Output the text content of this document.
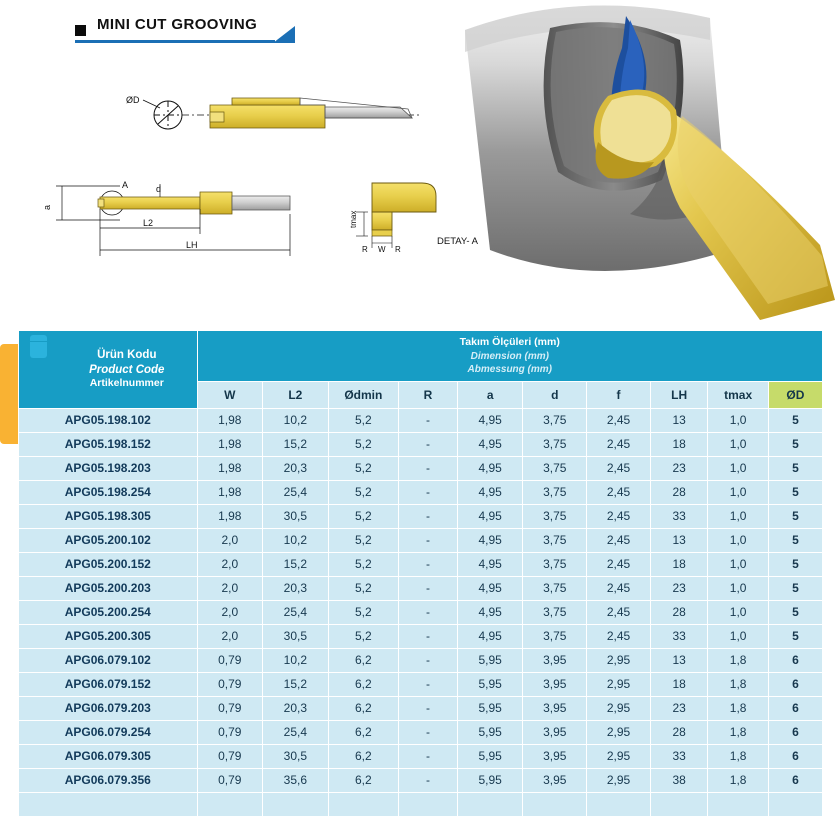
MINI CUT GROOVING
ØD
a
A	d
L2
LH
tmax
W
R	R
DETAY- A
Ürün Kodu
Product Code
Artikelnummer

Takım Ölçüleri (mm)
Dimension (mm)
Abmessung (mm)

	W	L2	Ødmin	R	a	d	f	LH	tmax	ØD
APG05.198.102	1,98	10,2	5,2	-	4,95	3,75	2,45	13	1,0	5
APG05.198.152	1,98	15,2	5,2	-	4,95	3,75	2,45	18	1,0	5
APG05.198.203	1,98	20,3	5,2	-	4,95	3,75	2,45	23	1,0	5
APG05.198.254	1,98	25,4	5,2	-	4,95	3,75	2,45	28	1,0	5
APG05.198.305	1,98	30,5	5,2	-	4,95	3,75	2,45	33	1,0	5
APG05.200.102	2,0	10,2	5,2	-	4,95	3,75	2,45	13	1,0	5
APG05.200.152	2,0	15,2	5,2	-	4,95	3,75	2,45	18	1,0	5
APG05.200.203	2,0	20,3	5,2	-	4,95	3,75	2,45	23	1,0	5
APG05.200.254	2,0	25,4	5,2	-	4,95	3,75	2,45	28	1,0	5
APG05.200.305	2,0	30,5	5,2	-	4,95	3,75	2,45	33	1,0	5
APG06.079.102	0,79	10,2	6,2	-	5,95	3,95	2,95	13	1,8	6
APG06.079.152	0,79	15,2	6,2	-	5,95	3,95	2,95	18	1,8	6
APG06.079.203	0,79	20,3	6,2	-	5,95	3,95	2,95	23	1,8	6
APG06.079.254	0,79	25,4	6,2	-	5,95	3,95	2,95	28	1,8	6
APG06.079.305	0,79	30,5	6,2	-	5,95	3,95	2,95	33	1,8	6
APG06.079.356	0,79	35,6	6,2	-	5,95	3,95	2,95	38	1,8	6
